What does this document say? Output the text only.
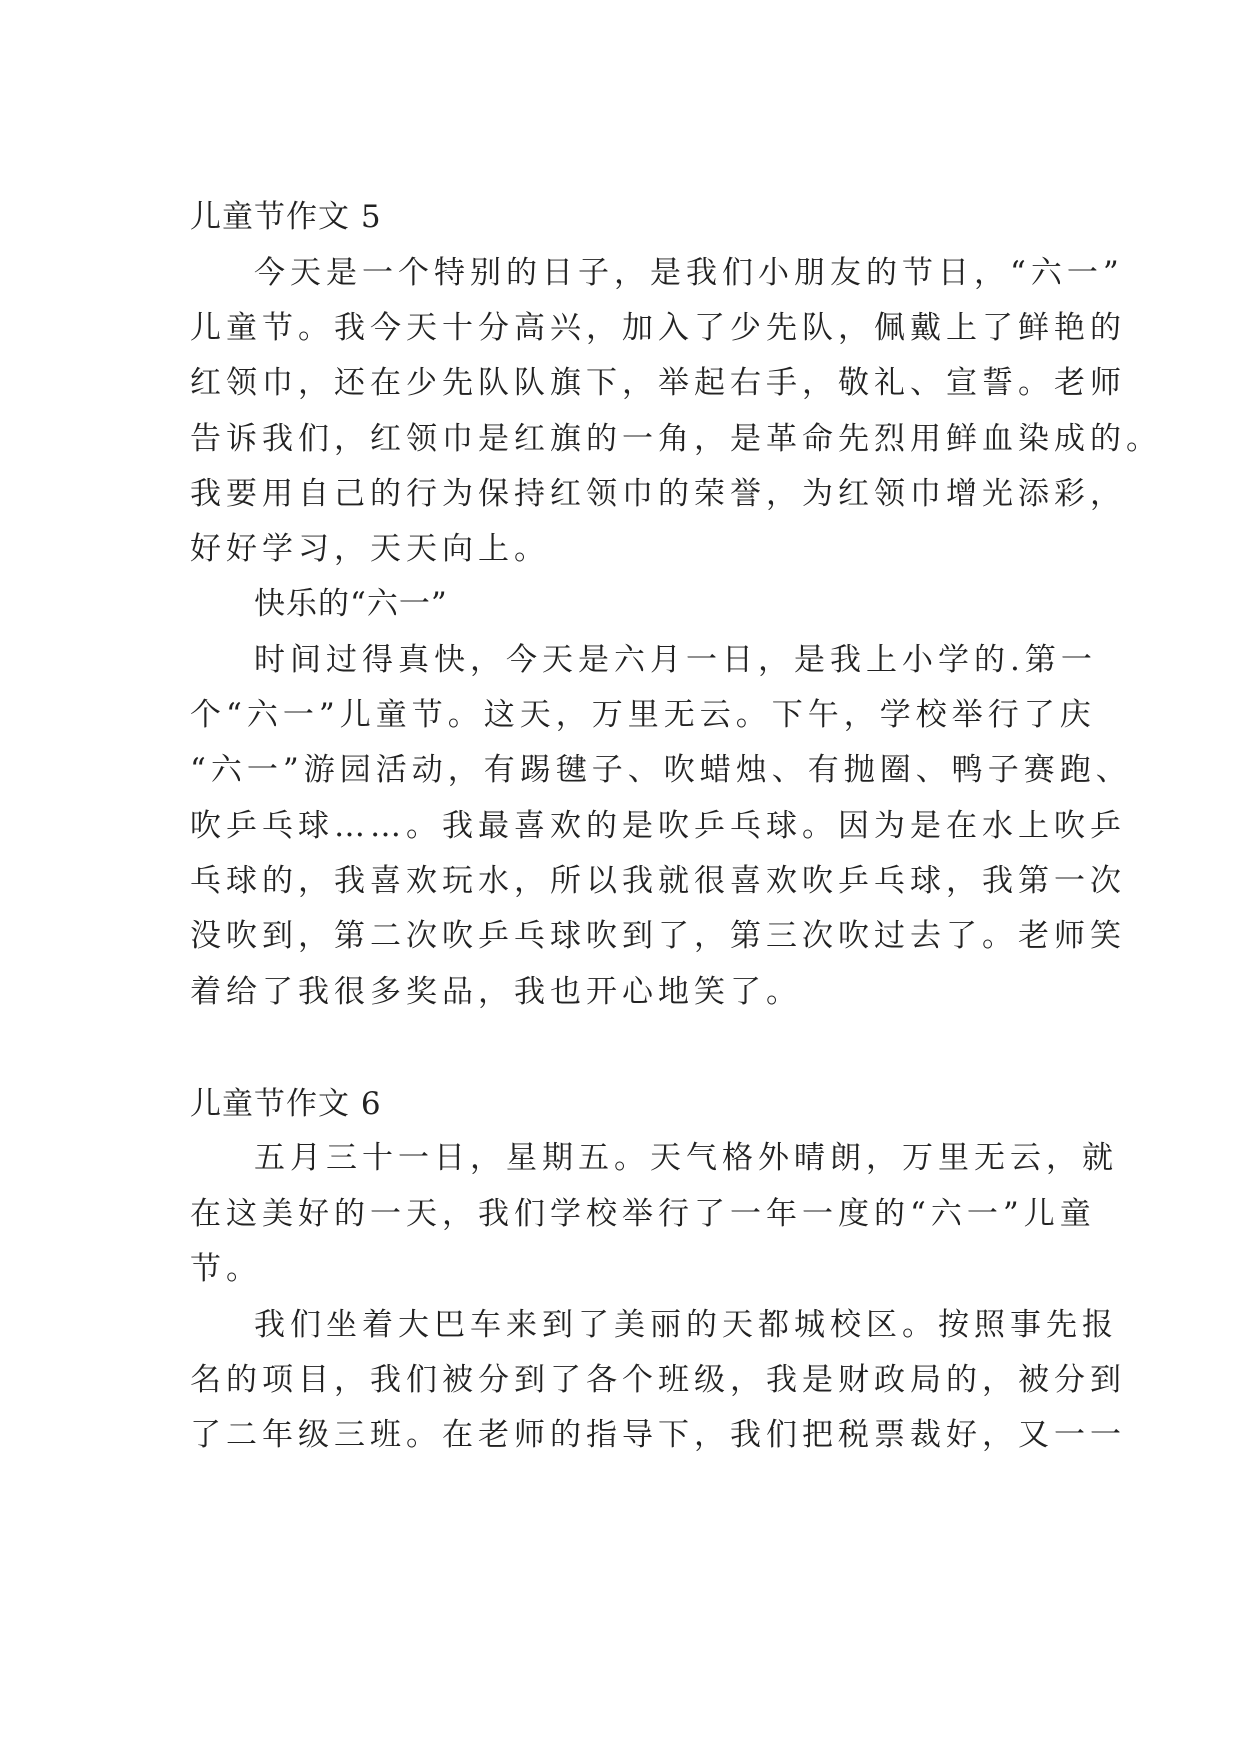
儿童节作文 5

今天是一个特别的日子，是我们小朋友的节日，“六一”

儿童节。我今天十分高兴，加入了少先队，佩戴上了鲜艳的

红领巾，还在少先队队旗下，举起右手，敬礼、宣誓。老师

告诉我们，红领巾是红旗的一角，是革命先烈用鲜血染成的。

我要用自己的行为保持红领巾的荣誉，为红领巾增光添彩，

好好学习，天天向上。

快乐的“六一”

时间过得真快，今天是六月一日，是我上小学的.第一

个“六一”儿童节。这天，万里无云。下午，学校举行了庆

“六一”游园活动，有踢毽子、吹蜡烛、有抛圈、鸭子赛跑、

吹乒乓球……。我最喜欢的是吹乒乓球。因为是在水上吹乒

乓球的，我喜欢玩水，所以我就很喜欢吹乒乓球，我第一次

没吹到，第二次吹乒乓球吹到了，第三次吹过去了。老师笑

着给了我很多奖品，我也开心地笑了。

儿童节作文 6

五月三十一日，星期五。天气格外晴朗，万里无云，就

在这美好的一天，我们学校举行了一年一度的“六一”儿童

节。

我们坐着大巴车来到了美丽的天都城校区。按照事先报

名的项目，我们被分到了各个班级，我是财政局的，被分到

了二年级三班。在老师的指导下，我们把税票裁好，又一一
